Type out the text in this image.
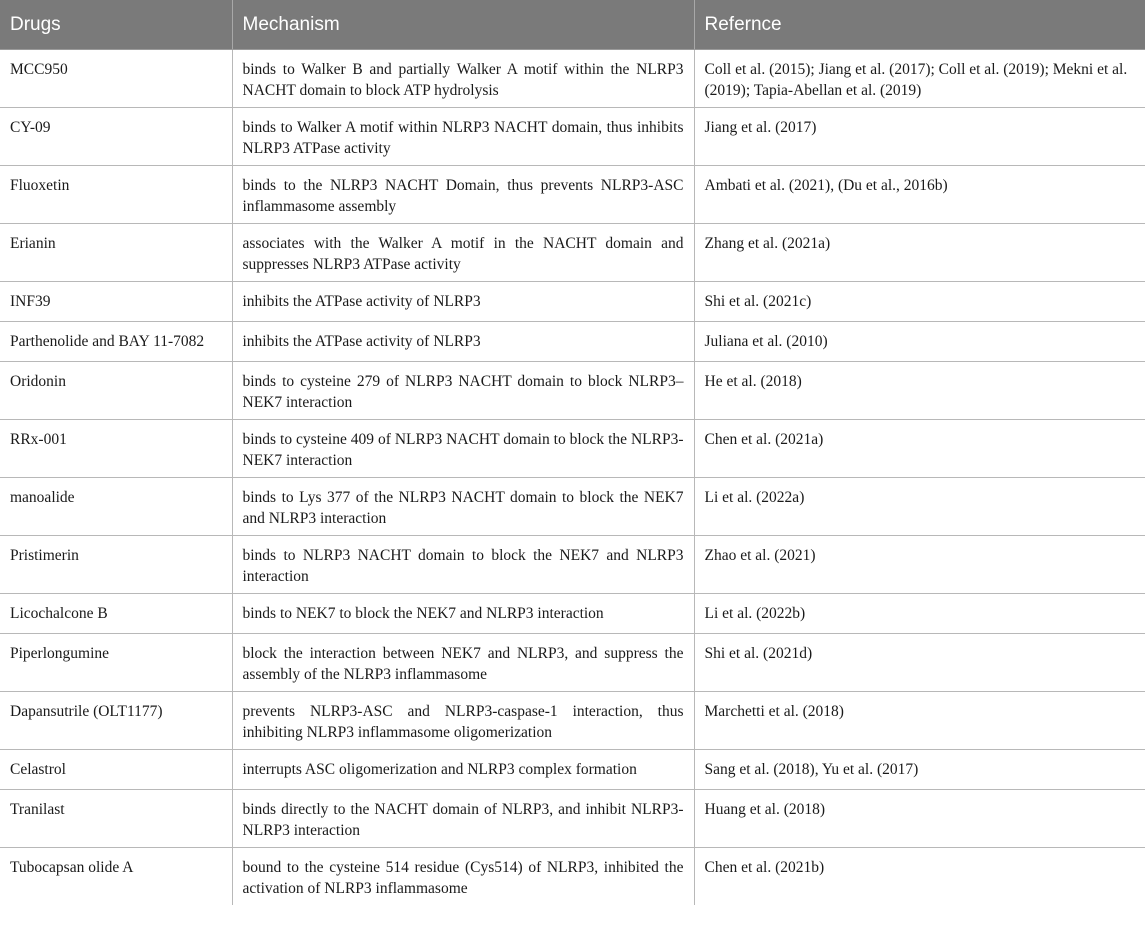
Drugs	Mechanism	Refernce
MCC950	binds to Walker B and partially Walker A motif within the NLRP3 NACHT domain to block ATP hydrolysis	Coll et al. (2015); Jiang et al. (2017); Coll et al. (2019); Mekni et al. (2019); Tapia-Abellan et al. (2019)
CY-09	binds to Walker A motif within NLRP3 NACHT domain, thus inhibits NLRP3 ATPase activity	Jiang et al. (2017)
Fluoxetin	binds to the NLRP3 NACHT Domain, thus prevents NLRP3-ASC inflammasome assembly	Ambati et al. (2021), (Du et al., 2016b)
Erianin	associates with the Walker A motif in the NACHT domain and suppresses NLRP3 ATPase activity	Zhang et al. (2021a)
INF39	inhibits the ATPase activity of NLRP3	Shi et al. (2021c)
Parthenolide and BAY 11-7082	inhibits the ATPase activity of NLRP3	Juliana et al. (2010)
Oridonin	binds to cysteine 279 of NLRP3 NACHT domain to block NLRP3–NEK7 interaction	He et al. (2018)
RRx-001	binds to cysteine 409 of NLRP3 NACHT domain to block the NLRP3-NEK7 interaction	Chen et al. (2021a)
manoalide	binds to Lys 377 of the NLRP3 NACHT domain to block the NEK7 and NLRP3 interaction	Li et al. (2022a)
Pristimerin	binds to NLRP3 NACHT domain to block the NEK7 and NLRP3 interaction	Zhao et al. (2021)
Licochalcone B	binds to NEK7 to block the NEK7 and NLRP3 interaction	Li et al. (2022b)
Piperlongumine	block the interaction between NEK7 and NLRP3, and suppress the assembly of the NLRP3 inflammasome	Shi et al. (2021d)
Dapansutrile (OLT1177)	prevents NLRP3-ASC and NLRP3-caspase-1 interaction, thus inhibiting NLRP3 inflammasome oligomerization	Marchetti et al. (2018)
Celastrol	interrupts ASC oligomerization and NLRP3 complex formation	Sang et al. (2018), Yu et al. (2017)
Tranilast	binds directly to the NACHT domain of NLRP3, and inhibit NLRP3- NLRP3 interaction	Huang et al. (2018)
Tubocapsan olide A	bound to the cysteine 514 residue (Cys514) of NLRP3, inhibited the activation of NLRP3 inflammasome	Chen et al. (2021b)
